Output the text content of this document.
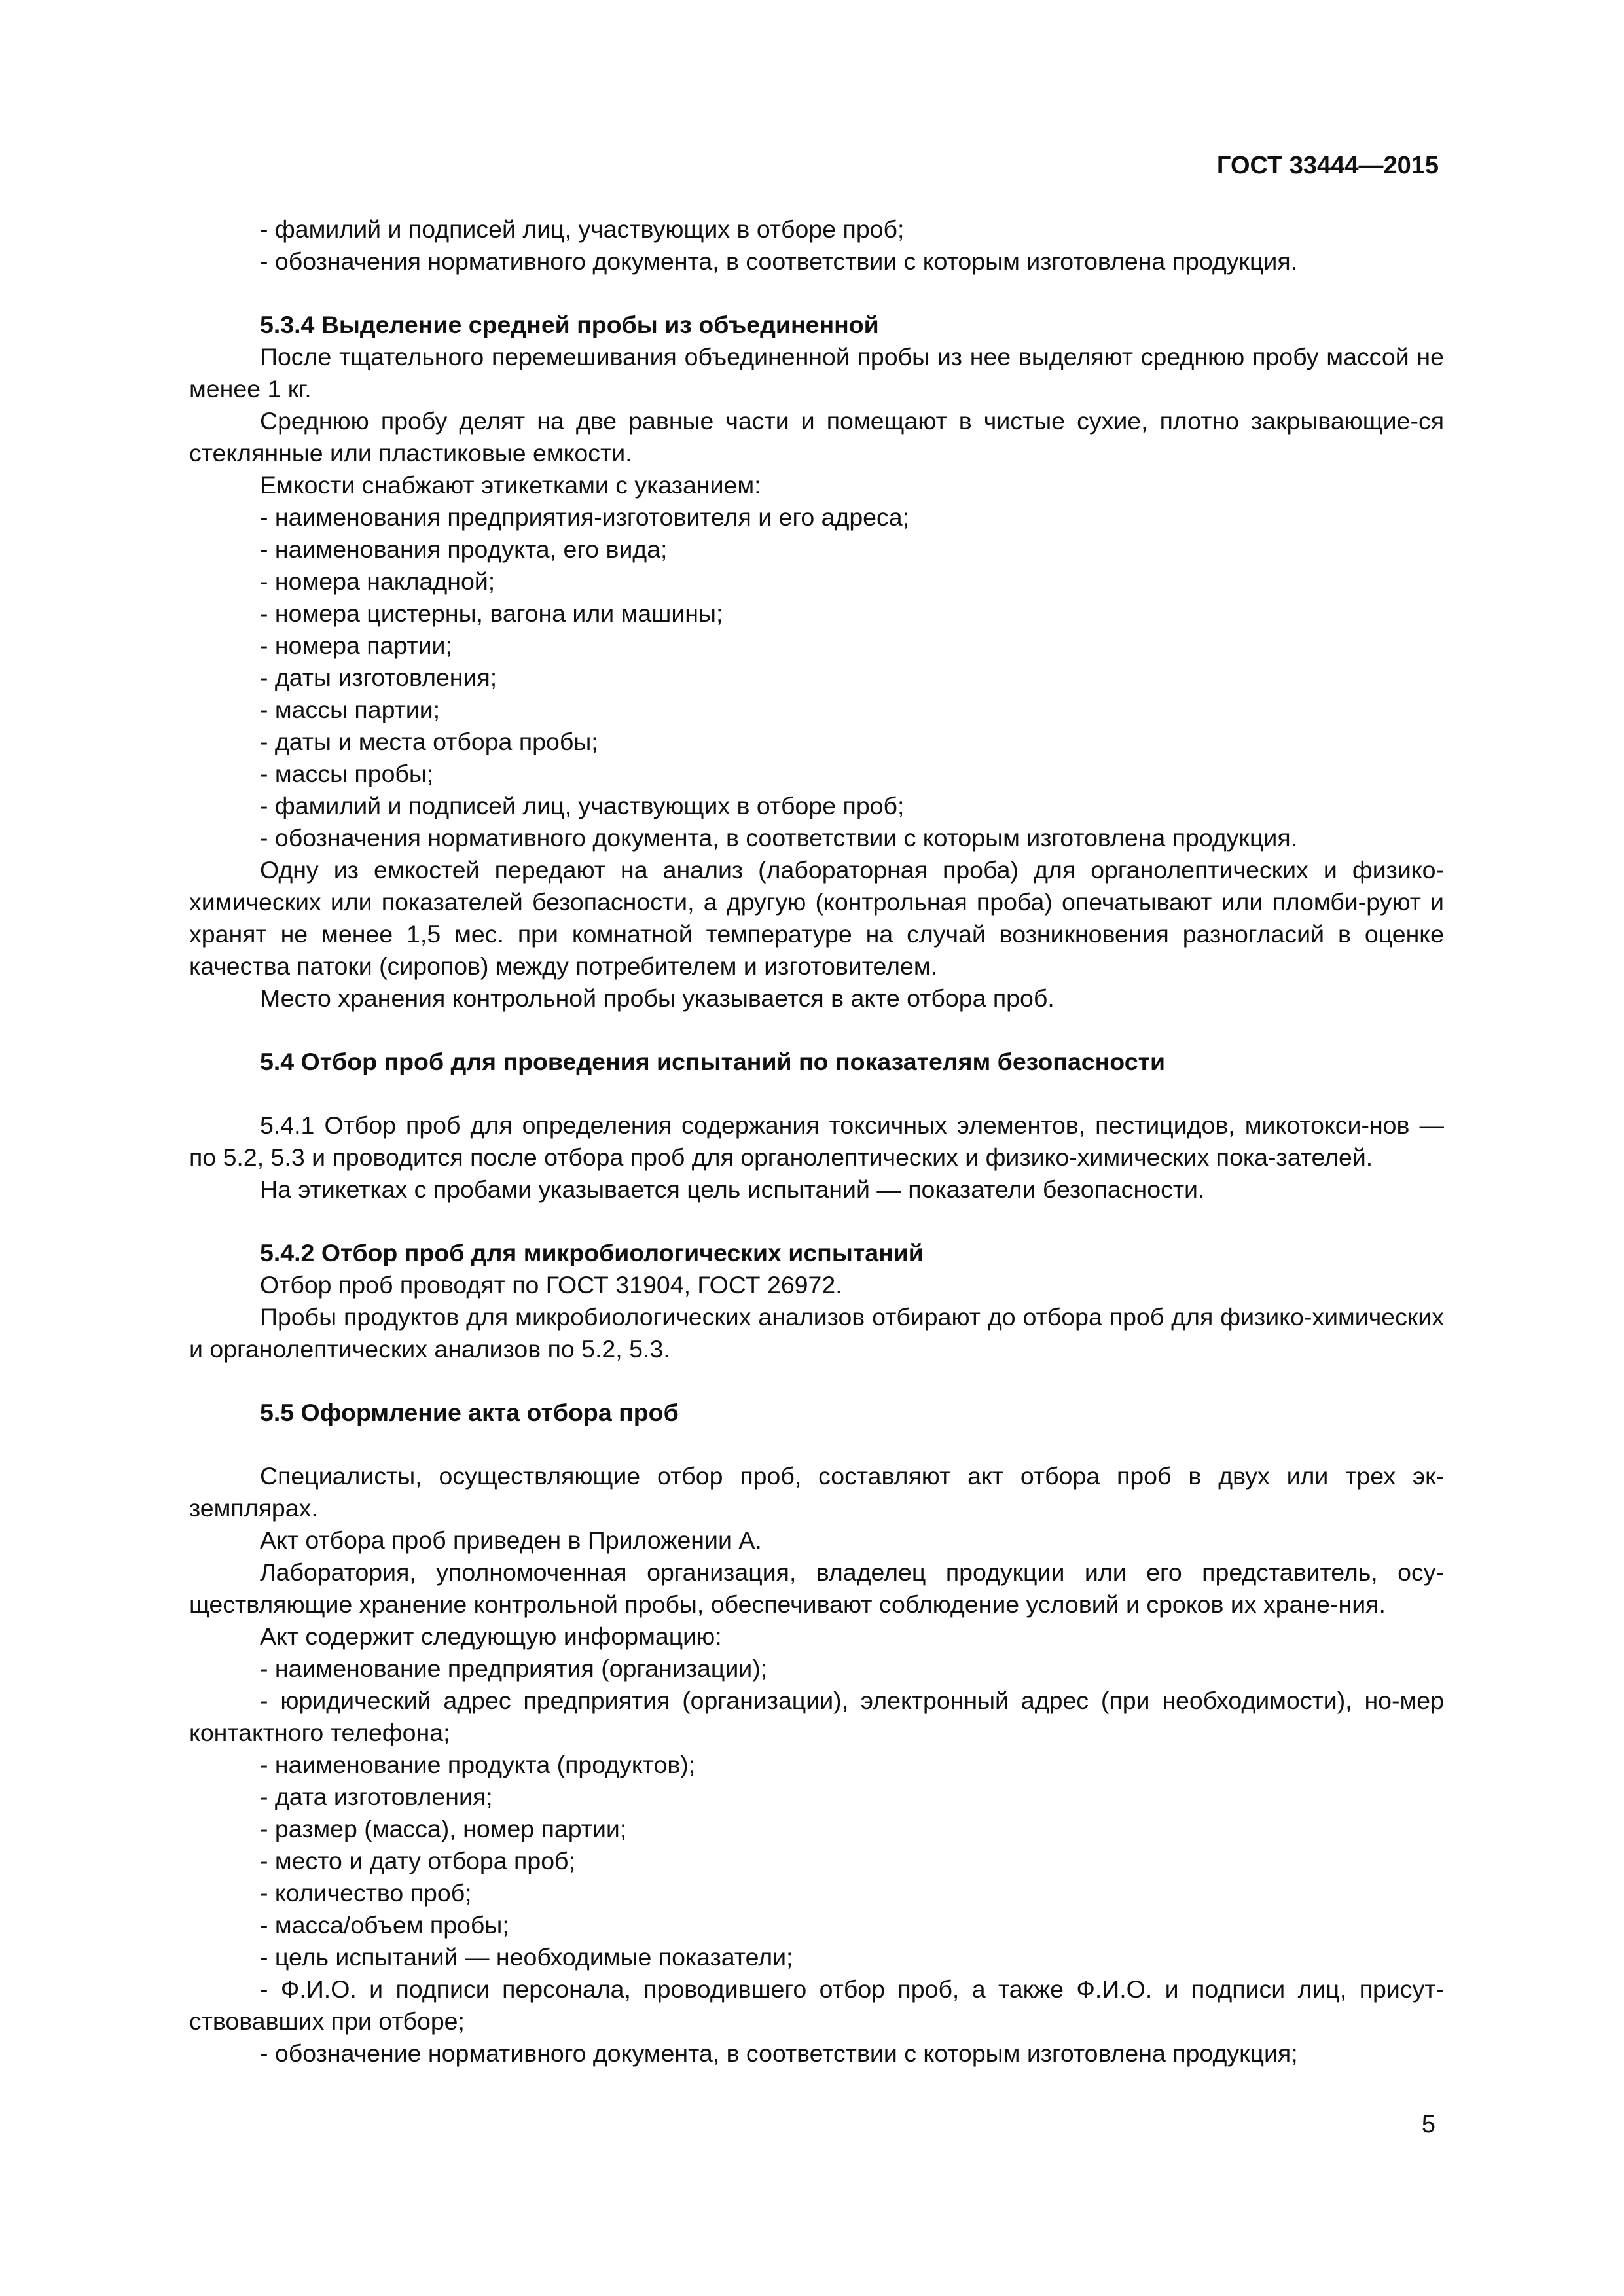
ГОСТ 33444—2015
- фамилий и подписей лиц, участвующих в отборе проб;
- обозначения нормативного документа, в соответствии с которым изготовлена продукция.
5.3.4 Выделение средней пробы из объединенной
После тщательного перемешивания объединенной пробы из нее выделяют среднюю пробу массой не менее 1 кг.
Среднюю пробу делят на две равные части и помещают в чистые сухие, плотно закрывающие-ся стеклянные или пластиковые емкости.
Емкости снабжают этикетками с указанием:
- наименования предприятия-изготовителя и его адреса;
- наименования продукта, его вида;
- номера накладной;
- номера цистерны, вагона или машины;
- номера партии;
- даты изготовления;
- массы партии;
- даты и места отбора пробы;
- массы пробы;
- фамилий и подписей лиц, участвующих в отборе проб;
- обозначения нормативного документа, в соответствии с которым изготовлена продукция.
Одну из емкостей передают на анализ (лабораторная проба) для органолептических и физико-химических или показателей безопасности, а другую (контрольная проба) опечатывают или пломби-руют и хранят не менее 1,5 мес. при комнатной температуре на случай возникновения разногласий в оценке качества патоки (сиропов) между потребителем и изготовителем.
Место хранения контрольной пробы указывается в акте отбора проб.
5.4 Отбор проб для проведения испытаний по показателям безопасности
5.4.1 Отбор проб для определения содержания токсичных элементов, пестицидов, микотокси-нов — по 5.2, 5.3 и проводится после отбора проб для органолептических и физико-химических пока-зателей.
На этикетках с пробами указывается цель испытаний — показатели безопасности.
5.4.2 Отбор проб для микробиологических испытаний
Отбор проб проводят по ГОСТ 31904, ГОСТ 26972.
Пробы продуктов для микробиологических анализов отбирают до отбора проб для физико-химических и органолептических анализов по 5.2, 5.3.
5.5 Оформление акта отбора проб
Специалисты, осуществляющие отбор проб, составляют акт отбора проб в двух или трех эк-земплярах.
Акт отбора проб приведен в Приложении А.
Лаборатория, уполномоченная организация, владелец продукции или его представитель, осу-ществляющие хранение контрольной пробы, обеспечивают соблюдение условий и сроков их хране-ния.
Акт содержит следующую информацию:
- наименование предприятия (организации);
- юридический адрес предприятия (организации), электронный адрес (при необходимости), но-мер контактного телефона;
- наименование продукта (продуктов);
- дата изготовления;
- размер (масса), номер партии;
- место и дату отбора проб;
- количество проб;
- масса/объем пробы;
- цель испытаний — необходимые показатели;
- Ф.И.О. и подписи персонала, проводившего отбор проб, а также Ф.И.О. и подписи лиц, присут-ствовавших при отборе;
- обозначение нормативного документа, в соответствии с которым изготовлена продукция;
5
